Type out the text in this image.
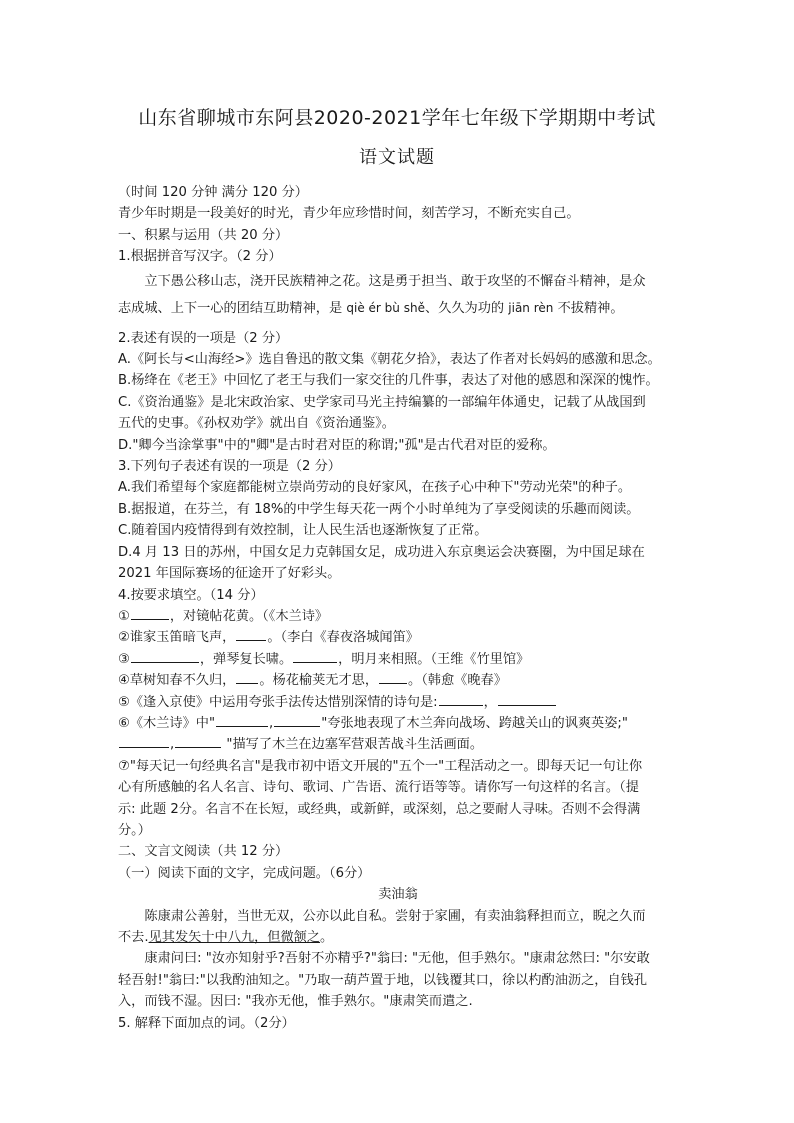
山东省聊城市东阿县2020-2021学年七年级下学期期中考试
语文试题

（时间 120 分钟 满分 120 分）

青少年时期是一段美好的时光，青少年应珍惜时间，刻苦学习，不断充实自己。

一、积累与运用（共 20 分）

1.根据拼音写汉字。（2 分）

立下愚公移山志，浇开民族精神之花。这是勇于担当、敢于攻坚的不懈奋斗精神，是众

志成城、上下一心的团结互助精神，是 qiè ér bù shě、久久为功的 jiān rèn 不拔精神。

2.表述有误的一项是（2 分）

A.《阿长与<山海经>》选自鲁迅的散文集《朝花夕拾》，表达了作者对长妈妈的感激和思念。

B.杨绛在《老王》中回忆了老王与我们一家交往的几件事，表达了对他的感恩和深深的愧怍。

C.《资治通鉴》是北宋政治家、史学家司马光主持编纂的一部编年体通史，记载了从战国到

五代的史事。《孙权劝学》就出自《资治通鉴》。

D."卿今当涂掌事"中的"卿"是古时君对臣的称谓;"孤"是古代君对臣的爱称。

3.下列句子表述有误的一项是（2 分）

A.我们希望每个家庭都能树立崇尚劳动的良好家风，在孩子心中种下"劳动光荣"的种子。

B.据报道，在芬兰，有 18%的中学生每天花一两个小时单纯为了享受阅读的乐趣而阅读。

C.随着国内疫情得到有效控制，让人民生活也逐渐恢复了正常。

D.4 月 13 日的苏州，中国女足力克韩国女足，成功进入东京奥运会决赛圈，为中国足球在

2021 年国际赛场的征途开了好彩头。

4.按要求填空。（14 分）

①	，对镜帖花黄。（《木兰诗》

②谁家玉笛暗飞声， 。（李白《春夜洛城闻笛》

③	，弹琴复长啸。	，明月来相照。（王维《竹里馆》

④草树知春不久归， 。杨花榆荚无才思， 。（韩愈《晚春》

⑤《逢入京使》中运用夸张手法传达惜别深情的诗句是:	，

⑥《木兰诗》中"	,	"夸张地表现了木兰奔向战场、跨越关山的讽爽英姿;"

,	"描写了木兰在边塞军营艰苦战斗生活画面。

⑦"每天记一句经典名言"是我市初中语文开展的"五个一"工程活动之一。即每天记一句让你

心有所感触的名人名言、诗句、歌词、广告语、流行语等等。请你写一句这样的名言。（提

示: 此题 2分。名言不在长短，或经典，或新鲜，或深刻，总之要耐人寻味。否则不会得满

分。）

二、文言文阅读（共 12 分）

（一）阅读下面的文字，完成问题。（6分）

卖油翁

陈康肃公善射，当世无双，公亦以此自私。尝射于家圃，有卖油翁释担而立，睨之久而

不去.见其发矢十中八九，但微颔之。

康肃问曰: "汝亦知射乎?吾射不亦精乎?"翁曰: "无他，但手熟尔。"康肃忿然曰: "尔安敢

轻吾射!"翁曰:"以我酌油知之。"乃取一葫芦置于地，以钱覆其口，徐以杓酌油沥之，自钱孔

入，而钱不湿。因曰: "我亦无他，惟手熟尔。"康肃笑而遣之.

5. 解释下面加点的词。（2分）
